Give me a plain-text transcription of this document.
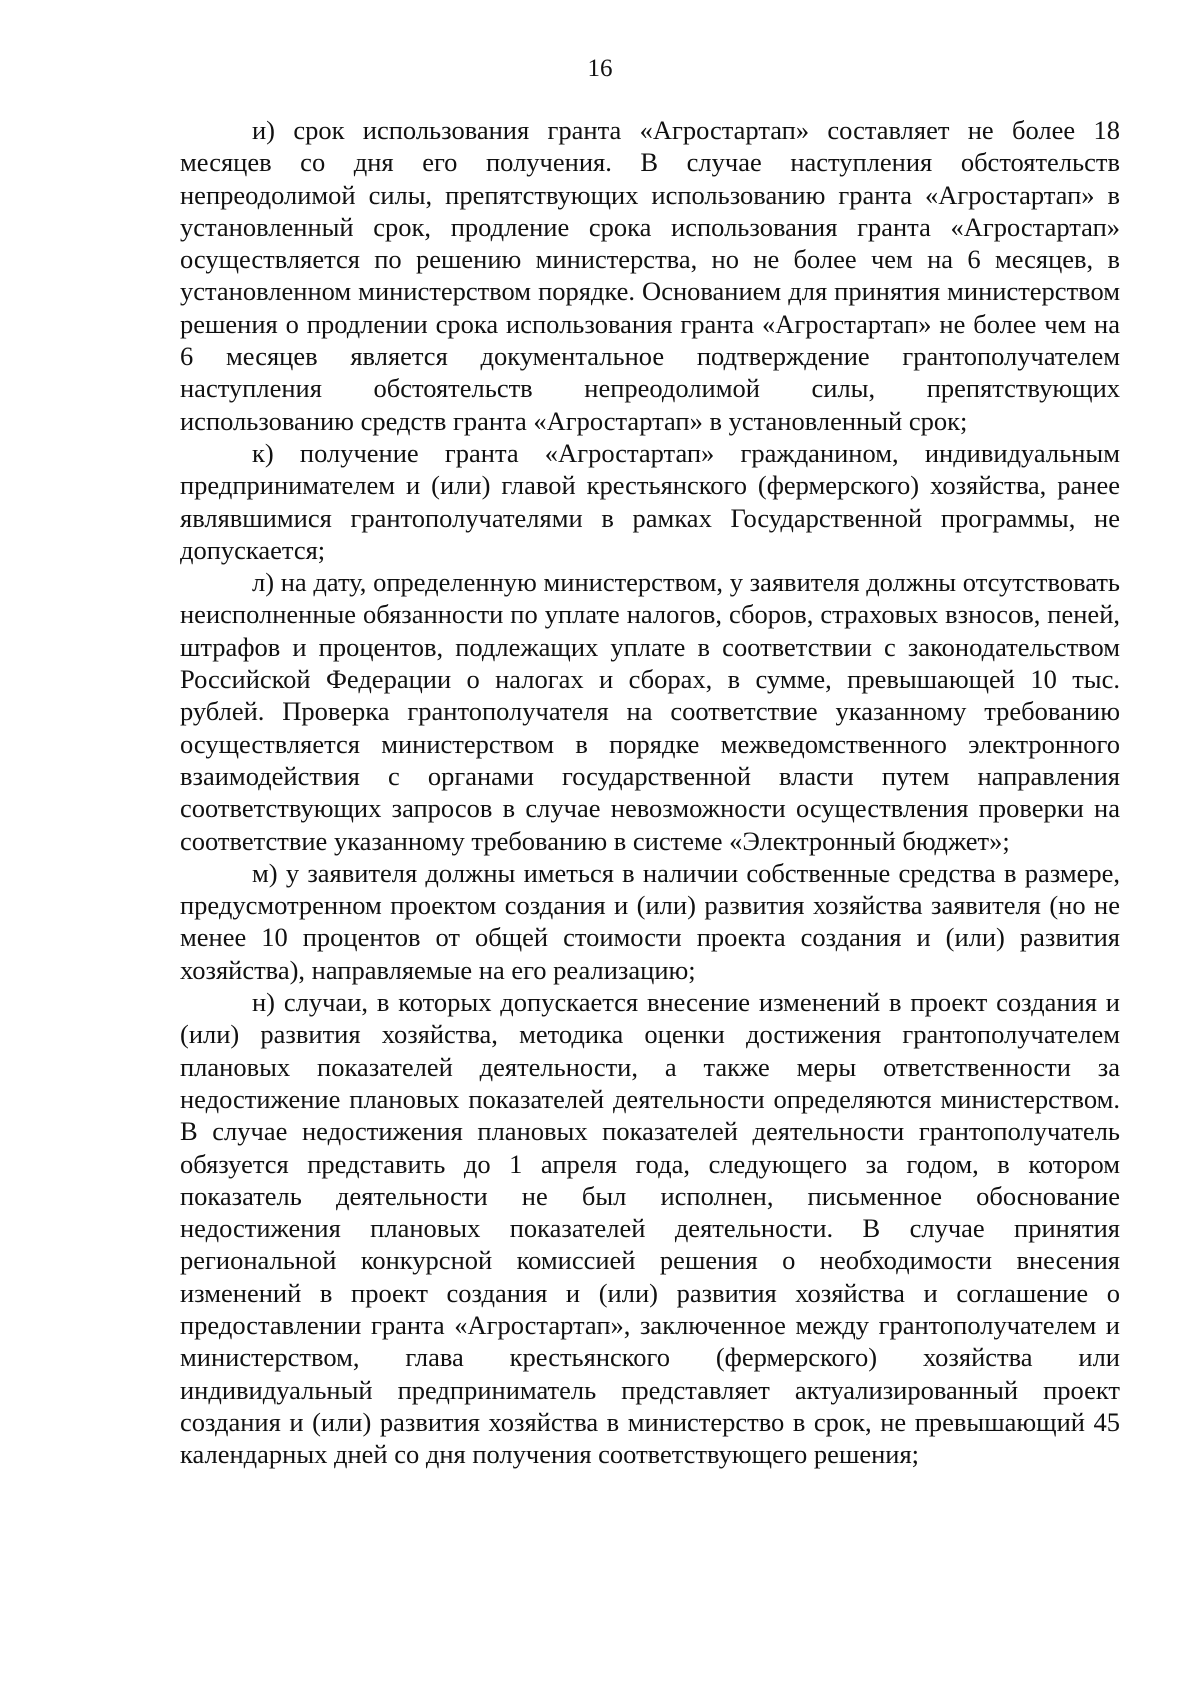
16

и) срок использования гранта «Агростартап» составляет не более 18 месяцев со дня его получения. В случае наступления обстоятельств непреодолимой силы, препятствующих использованию гранта «Агростартап» в установленный срок, продление срока использования гранта «Агростартап» осуществляется по решению министерства, но не более чем на 6 месяцев, в установленном министерством порядке. Основанием для принятия министерством решения о продлении срока использования гранта «Агростартап» не более чем на 6 месяцев является документальное подтверждение грантополучателем наступления обстоятельств непреодолимой силы, препятствующих использованию средств гранта «Агростартап» в установленный срок;

к) получение гранта «Агростартап» гражданином, индивидуальным предпринимателем и (или) главой крестьянского (фермерского) хозяйства, ранее являвшимися грантополучателями в рамках Государственной программы, не допускается;

л) на дату, определенную министерством, у заявителя должны отсутствовать неисполненные обязанности по уплате налогов, сборов, страховых взносов, пеней, штрафов и процентов, подлежащих уплате в соответствии с законодательством Российской Федерации о налогах и сборах, в сумме, превышающей 10 тыс. рублей. Проверка грантополучателя на соответствие указанному требованию осуществляется министерством в порядке межведомственного электронного взаимодействия с органами государственной власти путем направления соответствующих запросов в случае невозможности осуществления проверки на соответствие указанному требованию в системе «Электронный бюджет»;

м) у заявителя должны иметься в наличии собственные средства в размере, предусмотренном проектом создания и (или) развития хозяйства заявителя (но не менее 10 процентов от общей стоимости проекта создания и (или) развития хозяйства), направляемые на его реализацию;

н) случаи, в которых допускается внесение изменений в проект создания и (или) развития хозяйства, методика оценки достижения грантополучателем плановых показателей деятельности, а также меры ответственности за недостижение плановых показателей деятельности определяются министерством. В случае недостижения плановых показателей деятельности грантополучатель обязуется представить до 1 апреля года, следующего за годом, в котором показатель деятельности не был исполнен, письменное обоснование недостижения плановых показателей деятельности. В случае принятия региональной конкурсной комиссией решения о необходимости внесения изменений в проект создания и (или) развития хозяйства и соглашение о предоставлении гранта «Агростартап», заключенное между грантополучателем и министерством, глава крестьянского (фермерского) хозяйства или индивидуальный предприниматель представляет актуализированный проект создания и (или) развития хозяйства в министерство в срок, не превышающий 45 календарных дней со дня получения соответствующего решения;
